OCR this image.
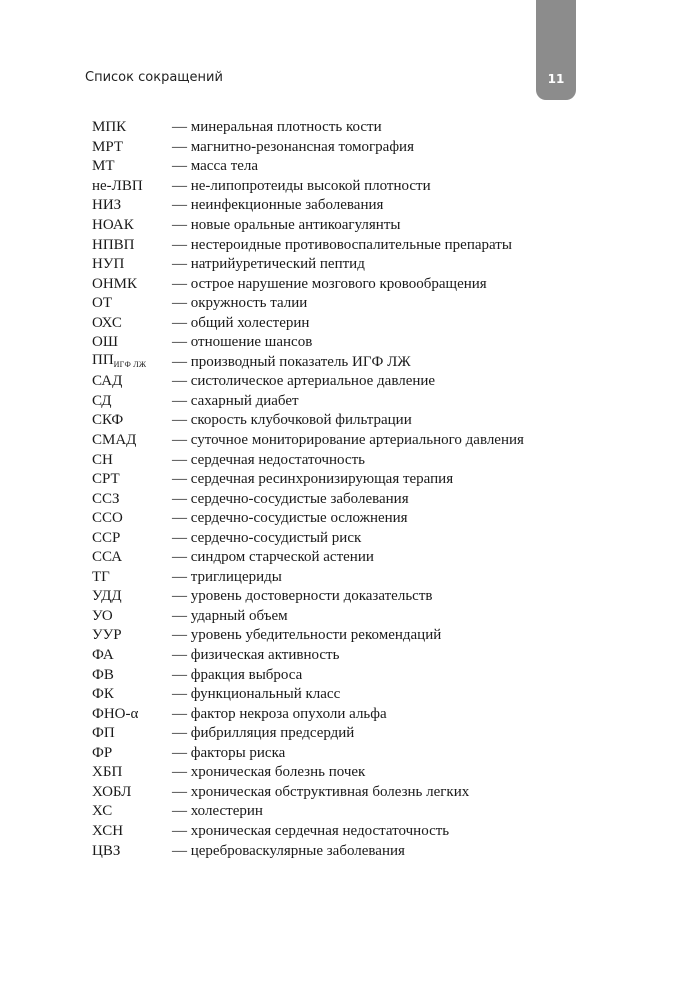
Список сокращений	11
МПК	— минеральная плотность кости
МРТ	— магнитно-резонансная томография
МТ	— масса тела
не-ЛВП	— не-липопротеиды высокой плотности
НИЗ	— неинфекционные заболевания
НОАК	— новые оральные антикоагулянты
НПВП	— нестероидные противовоспалительные препараты
НУП	— натрийуретический пептид
ОНМК	— острое нарушение мозгового кровообращения
ОТ	— окружность талии
ОХС	— общий холестерин
ОШ	— отношение шансов
$ПП_{ИГФ ЛЖ}$	— производный показатель ИГФ ЛЖ
САД	— систолическое артериальное давление
СД	— сахарный диабет
СКФ	— скорость клубочковой фильтрации
СМАД	— суточное мониторирование артериального давления
СН	— сердечная недостаточность
СРТ	— сердечная ресинхронизирующая терапия
ССЗ	— сердечно-сосудистые заболевания
ССО	— сердечно-сосудистые осложнения
ССР	— сердечно-сосудистый риск
ССА	— синдром старческой астении
ТГ	— триглицериды
УДД	— уровень достоверности доказательств
УО	— ударный объем
УУР	— уровень убедительности рекомендаций
ФА	— физическая активность
ФВ	— фракция выброса
ФК	— функциональный класс
ФНО-α	— фактор некроза опухоли альфа
ФП	— фибрилляция предсердий
ФР	— факторы риска
ХБП	— хроническая болезнь почек
ХОБЛ	— хроническая обструктивная болезнь легких
ХС	— холестерин
ХСН	— хроническая сердечная недостаточность
ЦВЗ	— цереброваскулярные заболевания
